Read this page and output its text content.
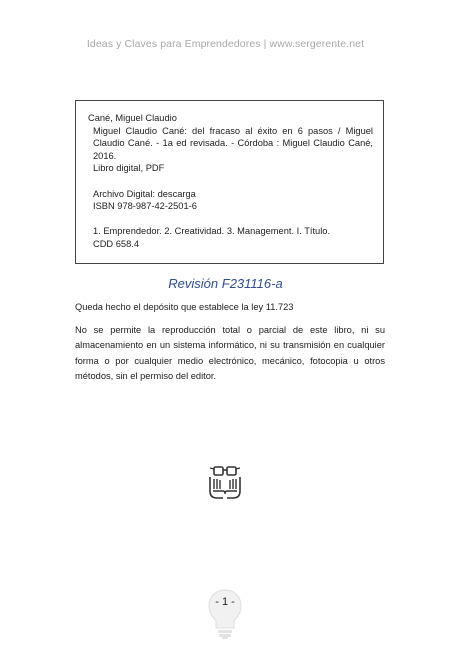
Ideas y Claves para Emprendedores | www.sergerente.net
Cané, Miguel Claudio
Miguel Claudio Cané: del fracaso al éxito en 6 pasos / Miguel Claudio Cané. - 1a ed revisada. - Córdoba : Miguel Claudio Cané, 2016.
Libro digital, PDF
Archivo Digital: descarga
ISBN 978-987-42-2501-6
1. Emprendedor. 2. Creatividad. 3. Management. I. Título.
CDD 658.4
Revisión F231116-a
Queda hecho el depósito que establece la ley 11.723
No se permite la reproducción total o parcial de este libro, ni su almacenamiento en un sistema informático, ni su transmisión en cualquier forma o por cualquier medio electrónico, mecánico, fotocopia u otros métodos, sin el permiso del editor.
- 1 -
